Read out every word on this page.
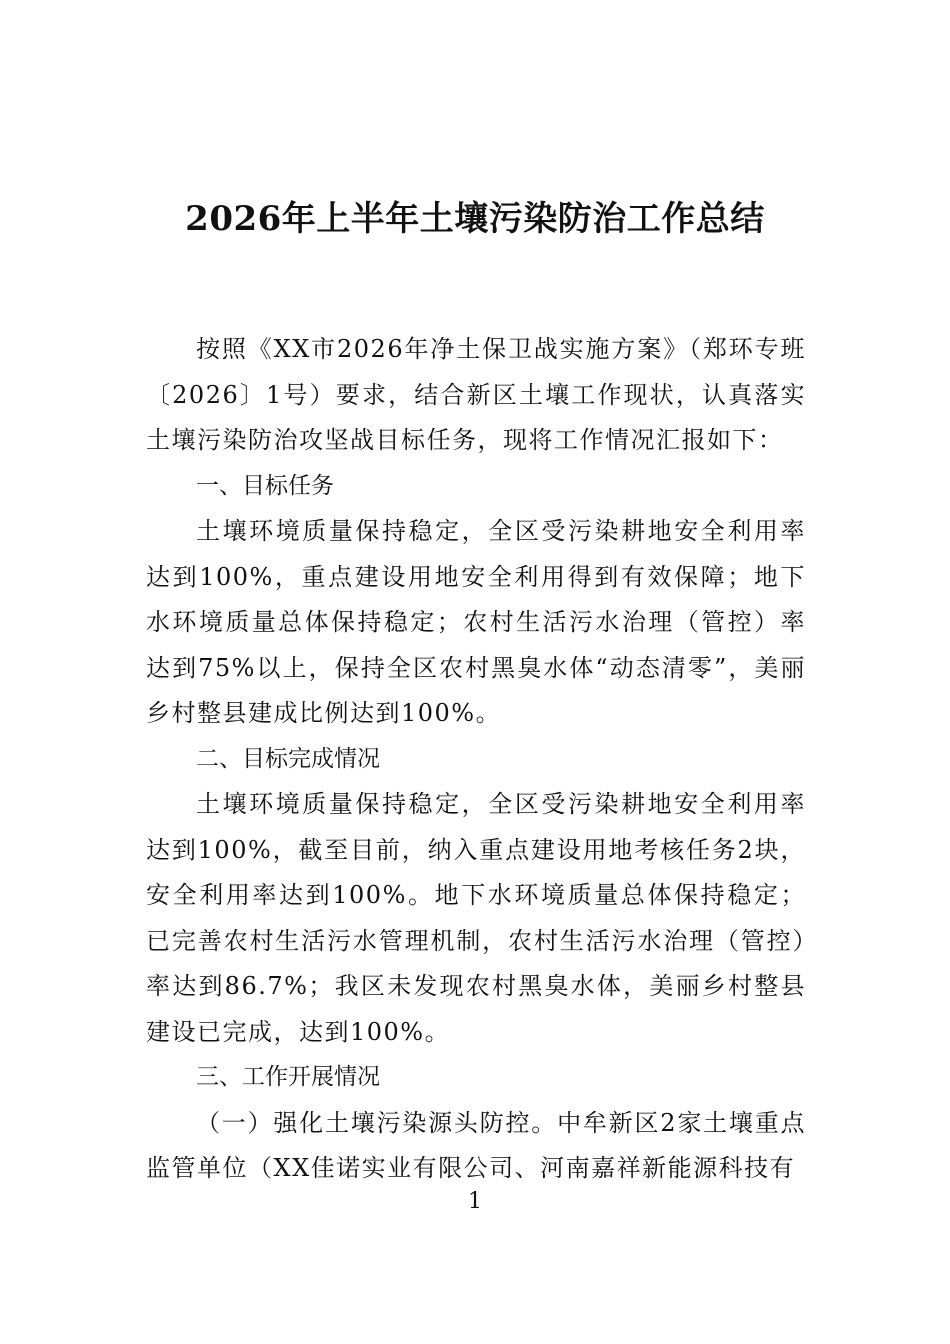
2026年上半年土壤污染防治工作总结

按照《XX市2026年净土保卫战实施方案》（郑环专班〔2026〕1号）要求，结合新区土壤工作现状，认真落实土壤污染防治攻坚战目标任务，现将工作情况汇报如下：

一、目标任务

土壤环境质量保持稳定，全区受污染耕地安全利用率达到100%，重点建设用地安全利用得到有效保障；地下水环境质量总体保持稳定；农村生活污水治理（管控）率达到75%以上，保持全区农村黑臭水体“动态清零”，美丽乡村整县建成比例达到100%。

二、目标完成情况

土壤环境质量保持稳定，全区受污染耕地安全利用率达到100%，截至目前，纳入重点建设用地考核任务2块，安全利用率达到100%。地下水环境质量总体保持稳定；已完善农村生活污水管理机制，农村生活污水治理（管控）率达到86.7%；我区未发现农村黑臭水体，美丽乡村整县建设已完成，达到100%。

三、工作开展情况

（一）强化土壤污染源头防控。中牟新区2家土壤重点监管单位（XX佳诺实业有限公司、河南嘉祥新能源科技有

1
